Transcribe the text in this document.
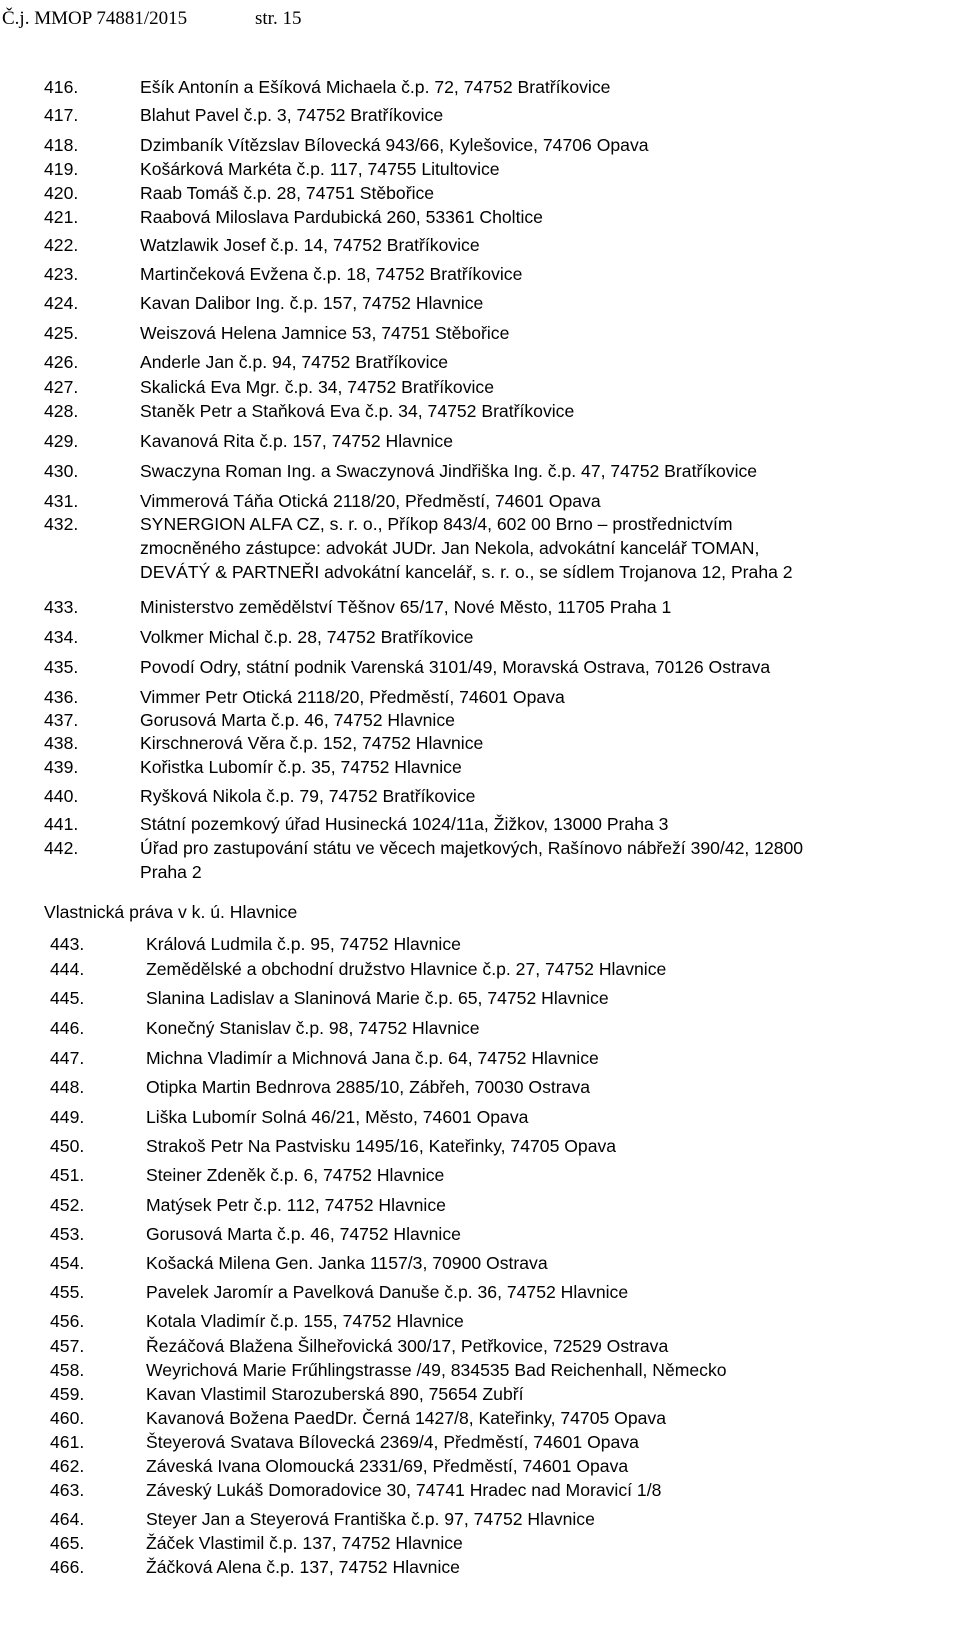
Č.j. MMOP 74881/2015	str. 15
416.	Ešík Antonín a Ešíková Michaela č.p. 72, 74752 Bratříkovice
417.	Blahut Pavel č.p. 3, 74752 Bratříkovice
418.	Dzimbaník Vítězslav Bílovecká 943/66, Kylešovice, 74706 Opava
419.	Košárková Markéta č.p. 117, 74755 Litultovice
420.	Raab Tomáš č.p. 28, 74751 Stěbořice
421.	Raabová Miloslava Pardubická 260, 53361 Choltice
422.	Watzlawik Josef č.p. 14, 74752 Bratříkovice
423.	Martinčeková Evžena č.p. 18, 74752 Bratříkovice
424.	Kavan Dalibor Ing. č.p. 157, 74752 Hlavnice
425.	Weiszová Helena Jamnice 53, 74751 Stěbořice
426.	Anderle Jan č.p. 94, 74752 Bratříkovice
427.	Skalická Eva Mgr. č.p. 34, 74752 Bratříkovice
428.	Staněk Petr a Staňková Eva č.p. 34, 74752 Bratříkovice
429.	Kavanová Rita č.p. 157, 74752 Hlavnice
430.	Swaczyna Roman Ing. a Swaczynová Jindřiška Ing. č.p. 47, 74752 Bratříkovice
431.	Vimmerová Táňa Otická 2118/20, Předměstí, 74601 Opava
432.	SYNERGION ALFA CZ, s. r. o., Příkop 843/4, 602 00 Brno – prostřednictvím
zmocněného zástupce: advokát JUDr. Jan Nekola, advokátní kancelář TOMAN,
DEVÁTÝ & PARTNEŘI advokátní kancelář, s. r. o., se sídlem Trojanova 12, Praha 2
433.	Ministerstvo zemědělství Těšnov 65/17, Nové Město, 11705 Praha 1
434.	Volkmer Michal č.p. 28, 74752 Bratříkovice
435.	Povodí Odry, státní podnik Varenská 3101/49, Moravská Ostrava, 70126 Ostrava
436.	Vimmer Petr Otická 2118/20, Předměstí, 74601 Opava
437.	Gorusová Marta č.p. 46, 74752 Hlavnice
438.	Kirschnerová Věra č.p. 152, 74752 Hlavnice
439.	Kořistka Lubomír č.p. 35, 74752 Hlavnice
440.	Ryšková Nikola č.p. 79, 74752 Bratříkovice
441.	Státní pozemkový úřad Husinecká 1024/11a, Žižkov, 13000 Praha 3
442.	Úřad pro zastupování státu ve věcech majetkových, Rašínovo nábřeží 390/42, 12800
Praha 2
Vlastnická práva v k. ú. Hlavnice
443.	Králová Ludmila č.p. 95, 74752 Hlavnice
444.	Zemědělské a obchodní družstvo Hlavnice č.p. 27, 74752 Hlavnice
445.	Slanina Ladislav a Slaninová Marie č.p. 65, 74752 Hlavnice
446.	Konečný Stanislav č.p. 98, 74752 Hlavnice
447.	Michna Vladimír a Michnová Jana č.p. 64, 74752 Hlavnice
448.	Otipka Martin Bednrova 2885/10, Zábřeh, 70030 Ostrava
449.	Liška Lubomír Solná 46/21, Město, 74601 Opava
450.	Strakoš Petr Na Pastvisku 1495/16, Kateřinky, 74705 Opava
451.	Steiner Zdeněk č.p. 6, 74752 Hlavnice
452.	Matýsek Petr č.p. 112, 74752 Hlavnice
453.	Gorusová Marta č.p. 46, 74752 Hlavnice
454.	Košacká Milena Gen. Janka 1157/3, 70900 Ostrava
455.	Pavelek Jaromír a Pavelková Danuše č.p. 36, 74752 Hlavnice
456.	Kotala Vladimír č.p. 155, 74752 Hlavnice
457.	Řezáčová Blažena Šilheřovická 300/17, Petřkovice, 72529 Ostrava
458.	Weyrichová Marie Frűhlingstrasse /49, 834535 Bad Reichenhall, Německo
459.	Kavan Vlastimil Starozuberská 890, 75654 Zubří
460.	Kavanová Božena PaedDr. Černá 1427/8, Kateřinky, 74705 Opava
461.	Šteyerová Svatava Bílovecká 2369/4, Předměstí, 74601 Opava
462.	Záveská Ivana Olomoucká 2331/69, Předměstí, 74601 Opava
463.	Záveský Lukáš Domoradovice 30, 74741 Hradec nad Moravicí 1/8
464.	Steyer Jan a Steyerová Františka č.p. 97, 74752 Hlavnice
465.	Žáček Vlastimil č.p. 137, 74752 Hlavnice
466.	Žáčková Alena č.p. 137, 74752 Hlavnice
